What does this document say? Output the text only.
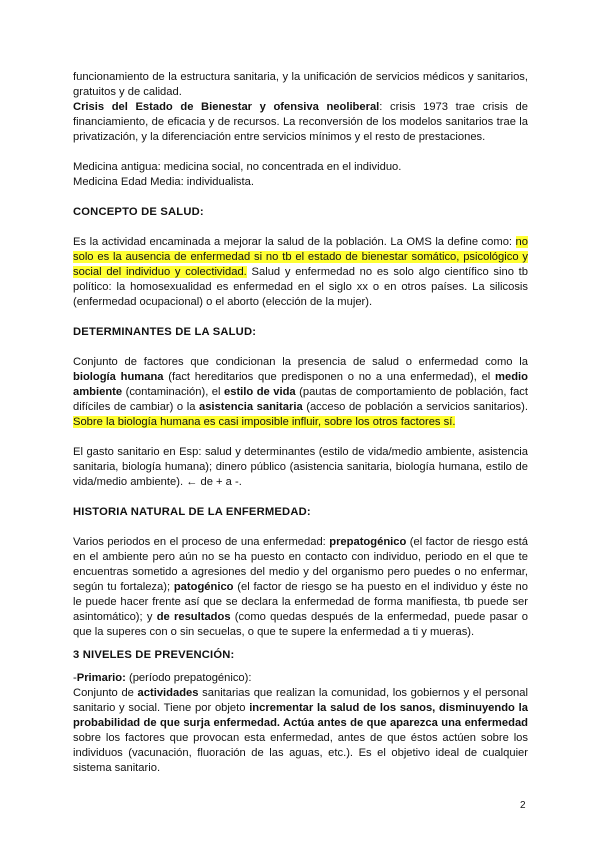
funcionamiento de la estructura sanitaria, y la unificación de servicios médicos y sanitarios, gratuitos y de calidad.

Crisis del Estado de Bienestar y ofensiva neoliberal: crisis 1973 trae crisis de financiamiento, de eficacia y de recursos. La reconversión de los modelos sanitarios trae la privatización, y la diferenciación entre servicios mínimos y el resto de prestaciones.

Medicina antigua: medicina social, no concentrada en el individuo.

Medicina Edad Media: individualista.

CONCEPTO DE SALUD:

Es la actividad encaminada a mejorar la salud de la población. La OMS la define como: no solo es la ausencia de enfermedad si no tb el estado de bienestar somático, psicológico y social del individuo y colectividad. Salud y enfermedad no es solo algo científico sino tb político: la homosexualidad es enfermedad en el siglo xx o en otros países. La silicosis (enfermedad ocupacional) o el aborto (elección de la mujer).

DETERMINANTES DE LA SALUD:

Conjunto de factores que condicionan la presencia de salud o enfermedad como la biología humana (fact hereditarios que predisponen o no a una enfermedad), el medio ambiente (contaminación), el estilo de vida (pautas de comportamiento de población, fact difíciles de cambiar) o la asistencia sanitaria (acceso de población a servicios sanitarios). Sobre la biología humana es casi imposible influir, sobre los otros factores sí.

El gasto sanitario en Esp: salud y determinantes (estilo de vida/medio ambiente, asistencia sanitaria, biología humana); dinero público (asistencia sanitaria, biología humana, estilo de vida/medio ambiente). ← de + a -.

HISTORIA NATURAL DE LA ENFERMEDAD:

Varios periodos en el proceso de una enfermedad: prepatogénico (el factor de riesgo está en el ambiente pero aún no se ha puesto en contacto con individuo, periodo en el que te encuentras sometido a agresiones del medio y del organismo pero puedes o no enfermar, según tu fortaleza); patogénico (el factor de riesgo se ha puesto en el individuo y éste no le puede hacer frente así que se declara la enfermedad de forma manifiesta, tb puede ser asintomático); y de resultados (como quedas después de la enfermedad, puede pasar o que la superes con o sin secuelas, o que te supere la enfermedad a ti y mueras).

3 NIVELES DE PREVENCIÓN:

-Primario: (período prepatogénico):

Conjunto de actividades sanitarias que realizan la comunidad, los gobiernos y el personal sanitario y social. Tiene por objeto incrementar la salud de los sanos, disminuyendo la probabilidad de que surja enfermedad. Actúa antes de que aparezca una enfermedad sobre los factores que provocan esta enfermedad, antes de que éstos actúen sobre los individuos (vacunación, fluoración de las aguas, etc.). Es el objetivo ideal de cualquier sistema sanitario.

2
